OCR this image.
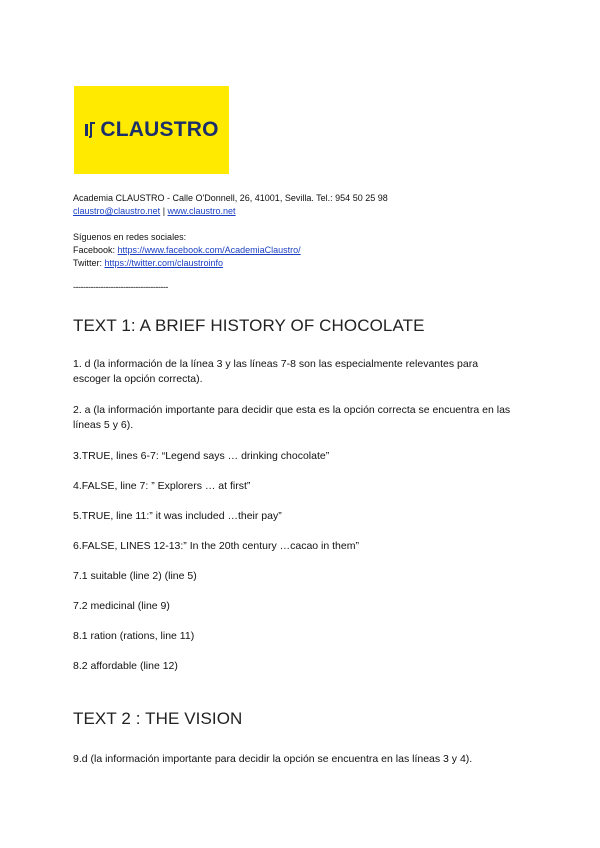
CLAUSTRO
Academia CLAUSTRO - Calle O'Donnell, 26, 41001, Sevilla. Tel.: 954 50 25 98
claustro@claustro.net | www.claustro.net
Síguenos en redes sociales:
Facebook: https://www.facebook.com/AcademiaClaustro/
Twitter: https://twitter.com/claustroinfo
--------------------------------------
TEXT 1: A BRIEF HISTORY OF CHOCOLATE

1. d (la información de la línea 3 y las líneas 7-8 son las especialmente relevantes para escoger la opción correcta).

2. a (la información importante para decidir que esta es la opción correcta se encuentra en las líneas 5 y 6).

3.TRUE, lines 6-7: “Legend says … drinking chocolate”

4.FALSE, line 7: ” Explorers … at first”

5.TRUE, line 11:” it was included …their pay”

6.FALSE, LINES 12-13:” In the 20th century …cacao in them”

7.1 suitable (line 2) (line 5)

7.2 medicinal (line 9)

8.1 ration (rations, line 11)

8.2 affordable (line 12)

TEXT 2 : THE VISION

9.d (la información importante para decidir la opción se encuentra en las líneas 3 y 4).
